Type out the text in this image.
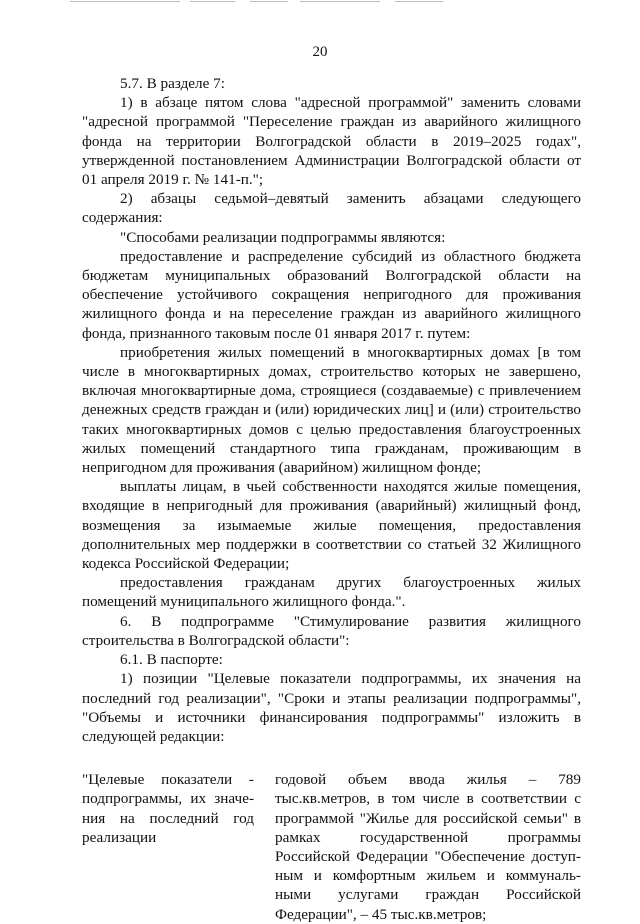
20

5.7. В разделе 7:

1) в абзаце пятом слова "адресной программой" заменить словами "адресной программой "Переселение граждан из аварийного жилищного фонда на территории Волгоградской области в 2019–2025 годах", утвержденной постановлением Администрации Волгоградской области от 01 апреля 2019 г. № 141-п.";

2) абзацы седьмой–девятый заменить абзацами следующего содержания:

"Способами реализации подпрограммы являются:

предоставление и распределение субсидий из областного бюджета бюджетам муниципальных образований Волгоградской области на обеспечение устойчивого сокращения непригодного для проживания жилищного фонда и на переселение граждан из аварийного жилищного фонда, признанного таковым после 01 января 2017 г. путем:

приобретения жилых помещений в многоквартирных домах [в том числе в многоквартирных домах, строительство которых не завершено, включая многоквартирные дома, строящиеся (создаваемые) с привлечением денежных средств граждан и (или) юридических лиц] и (или) строительство таких многоквартирных домов с целью предоставления благоустроенных жилых помещений стандартного типа гражданам, проживающим в непригодном для проживания (аварийном) жилищном фонде;

выплаты лицам, в чьей собственности находятся жилые помещения, входящие в непригодный для проживания (аварийный) жилищный фонд, возмещения за изымаемые жилые помещения, предоставления дополнительных мер поддержки в соответствии со статьей 32 Жилищного кодекса Российской Федерации;

предоставления гражданам других благоустроенных жилых помещений муниципального жилищного фонда.".

6. В подпрограмме "Стимулирование развития жилищного строительства в Волгоградской области":

6.1. В паспорте:

1) позиции "Целевые показатели подпрограммы, их значения на последний год реализации", "Сроки и этапы реализации подпрограммы", "Объемы и источники финансирования подпрограммы" изложить в следующей редакции:

"Целевые показатели - подпрограммы, их значе-ния на последний год реализации
годовой объем ввода жилья – 789 тыс.кв.метров, в том числе в соответствии с программой "Жилье для российской семьи" в рамках государственной программы Российской Федерации "Обеспечение доступ-ным и комфортным жильем и коммуналь-ными услугами граждан Российской Федерации", – 45 тыс.кв.метров;
